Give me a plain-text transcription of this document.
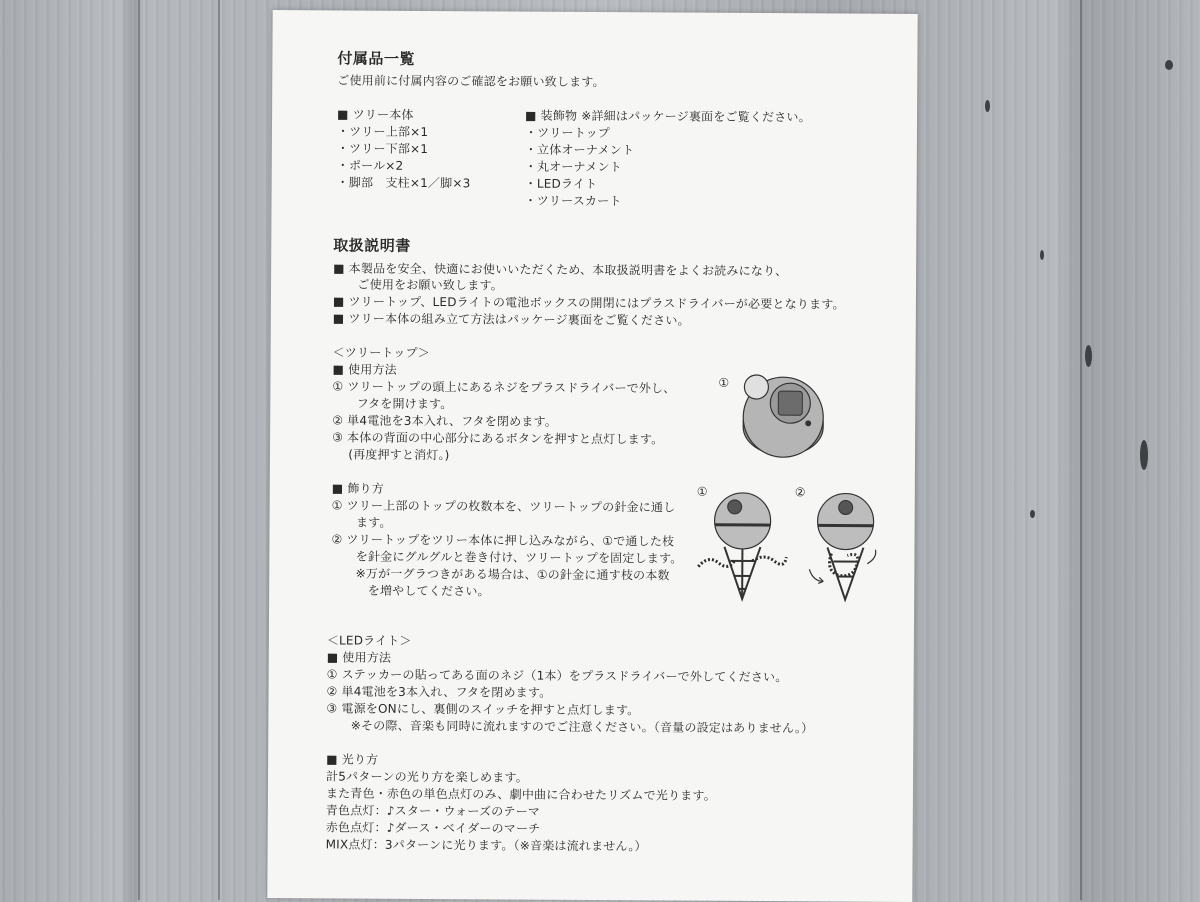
付属品一覧
ご使用前に付属内容のご確認をお願い致します。
■ ツリー本体
・ツリー上部×1
・ツリー下部×1
・ポール×2
・脚部　支柱×1／脚×3
■ 装飾物 ※詳細はパッケージ裏面をご覧ください。
・ツリートップ
・立体オーナメント
・丸オーナメント
・LEDライト
・ツリースカート
取扱説明書
■ 本製品を安全、快適にお使いいただくため、本取扱説明書をよくお読みになり、
　　ご使用をお願い致します。
■ ツリートップ、LEDライトの電池ボックスの開閉にはプラスドライバーが必要となります。
■ ツリー本体の組み立て方法はパッケージ裏面をご覧ください。
＜ツリートップ＞
■ 使用方法
① ツリートップの頭上にあるネジをプラスドライバーで外し、
　　フタを開けます。
② 単4電池を3本入れ、フタを閉めます。
③ 本体の背面の中心部分にあるボタンを押すと点灯します。
　 (再度押すと消灯。)
■ 飾り方
① ツリー上部のトップの枚数本を、ツリートップの針金に通し
　　ます。
② ツリートップをツリー本体に押し込みながら、①で通した枝
　　を針金にグルグルと巻き付け、ツリートップを固定します。
　　※万が一グラつきがある場合は、①の針金に通す枝の本数
　　　を増やしてください。
①
①	②
＜LEDライト＞
■ 使用方法
① ステッカーの貼ってある面のネジ（1本）をプラスドライバーで外してください。
② 単4電池を3本入れ、フタを閉めます。
③ 電源をONにし、裏側のスイッチを押すと点灯します。
　　※その際、音楽も同時に流れますのでご注意ください。（音量の設定はありません。）
■ 光り方
計5パターンの光り方を楽しめます。
また青色・赤色の単色点灯のみ、劇中曲に合わせたリズムで光ります。
青色点灯：♪スター・ウォーズのテーマ
赤色点灯：♪ダース・ベイダーのマーチ
MIX点灯：3パターンに光ります。（※音楽は流れません。）
